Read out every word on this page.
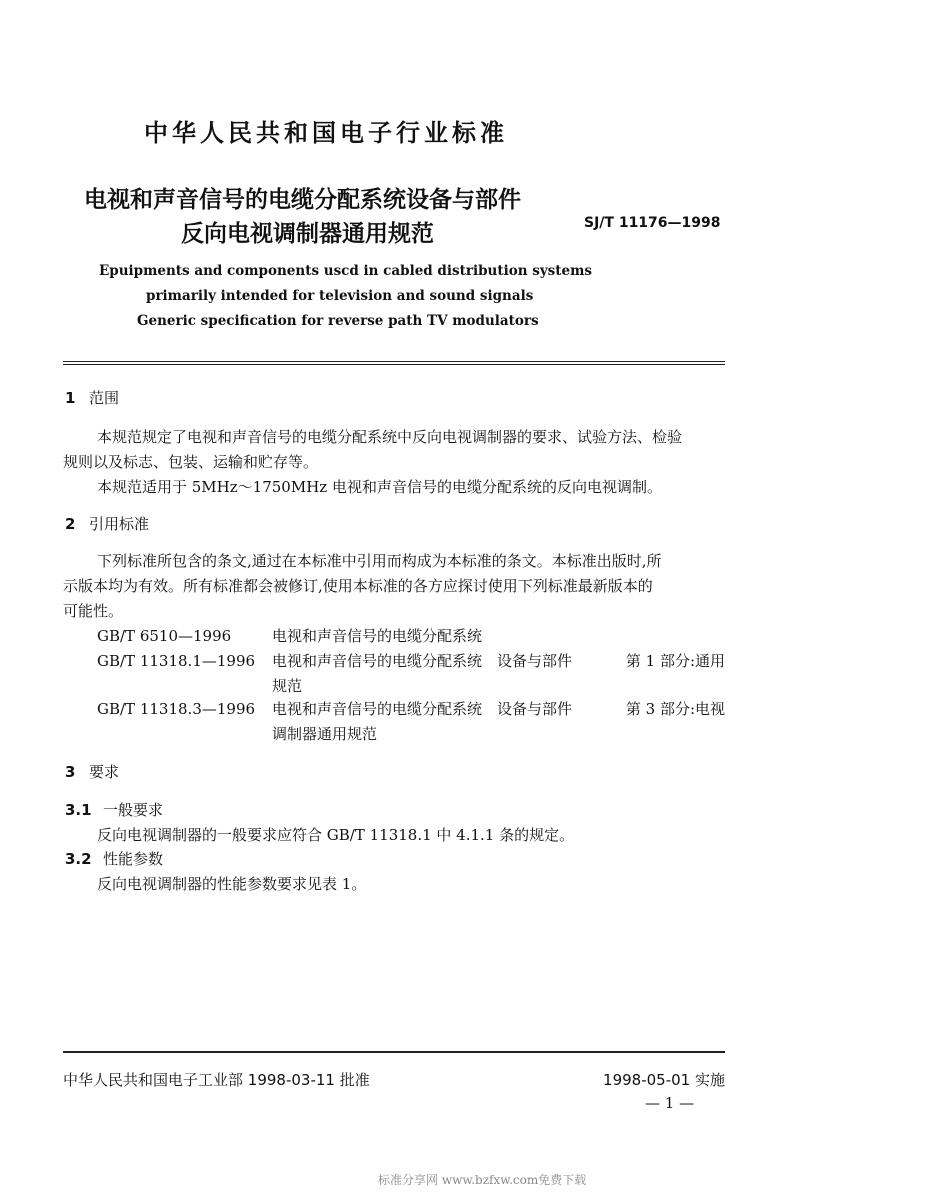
中华人民共和国电子行业标准
电视和声音信号的电缆分配系统设备与部件
反向电视调制器通用规范	SJ/T 11176—1998
Epuipments and components uscd in cabled distribution systems
primarily intended for television and sound signals
Generic specification for reverse path TV modulators
1 范围
本规范规定了电视和声音信号的电缆分配系统中反向电视调制器的要求、试验方法、检验
规则以及标志、包装、运输和贮存等。
本规范适用于 5MHz～1750MHz 电视和声音信号的电缆分配系统的反向电视调制。
2 引用标准
下列标准所包含的条文,通过在本标准中引用而构成为本标准的条文。本标准出版时,所
示版本均为有效。所有标准都会被修订,使用本标准的各方应探讨使用下列标准最新版本的
可能性。
GB/T 6510—1996	电视和声音信号的电缆分配系统
GB/T 11318.1—1996 电视和声音信号的电缆分配系统　设备与部件	第 1 部分:通用
规范
GB/T 11318.3—1996 电视和声音信号的电缆分配系统　设备与部件	第 3 部分:电视
调制器通用规范
3 要求
3.1 一般要求
反向电视调制器的一般要求应符合 GB/T 11318.1 中 4.1.1 条的规定。
3.2 性能参数
反向电视调制器的性能参数要求见表 1。
中华人民共和国电子工业部 1998-03-11 批准	1998-05-01 实施
— 1 —
标准分享网 www.bzfxw.com免费下载
